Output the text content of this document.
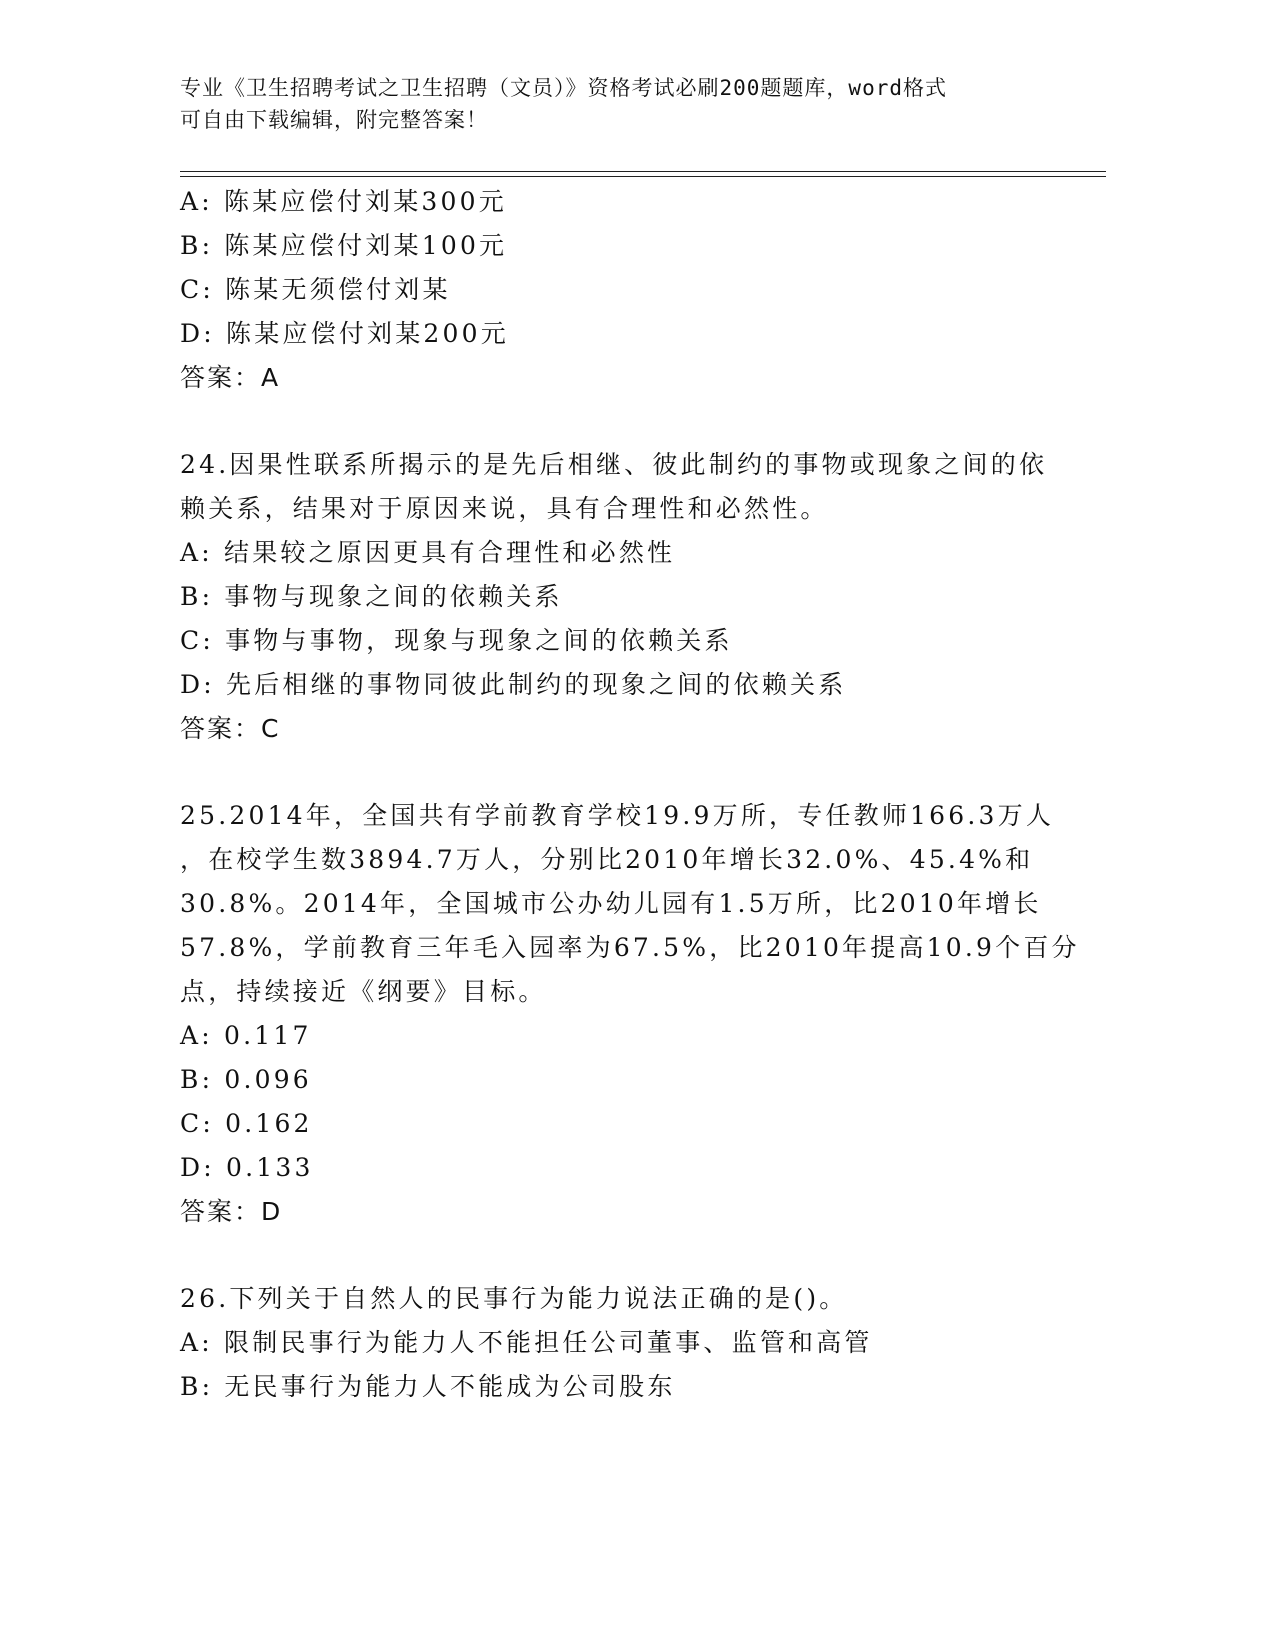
专业《卫生招聘考试之卫生招聘（文员）》资格考试必刷200题题库，word格式
可自由下载编辑，附完整答案！
A: 陈某应偿付刘某300元
B: 陈某应偿付刘某100元
C: 陈某无须偿付刘某
D: 陈某应偿付刘某200元
答案：A
24.因果性联系所揭示的是先后相继、彼此制约的事物或现象之间的依
赖关系，结果对于原因来说，具有合理性和必然性。
A: 结果较之原因更具有合理性和必然性
B: 事物与现象之间的依赖关系
C: 事物与事物，现象与现象之间的依赖关系
D: 先后相继的事物同彼此制约的现象之间的依赖关系
答案：C
25.2014年，全国共有学前教育学校19.9万所，专任教师166.3万人
，在校学生数3894.7万人，分别比2010年增长32.0%、45.4%和
30.8%。2014年，全国城市公办幼儿园有1.5万所，比2010年增长
57.8%，学前教育三年毛入园率为67.5%，比2010年提高10.9个百分
点，持续接近《纲要》目标。
A: 0.117
B: 0.096
C: 0.162
D: 0.133
答案：D
26.下列关于自然人的民事行为能力说法正确的是()。
A: 限制民事行为能力人不能担任公司董事、监管和高管
B: 无民事行为能力人不能成为公司股东
